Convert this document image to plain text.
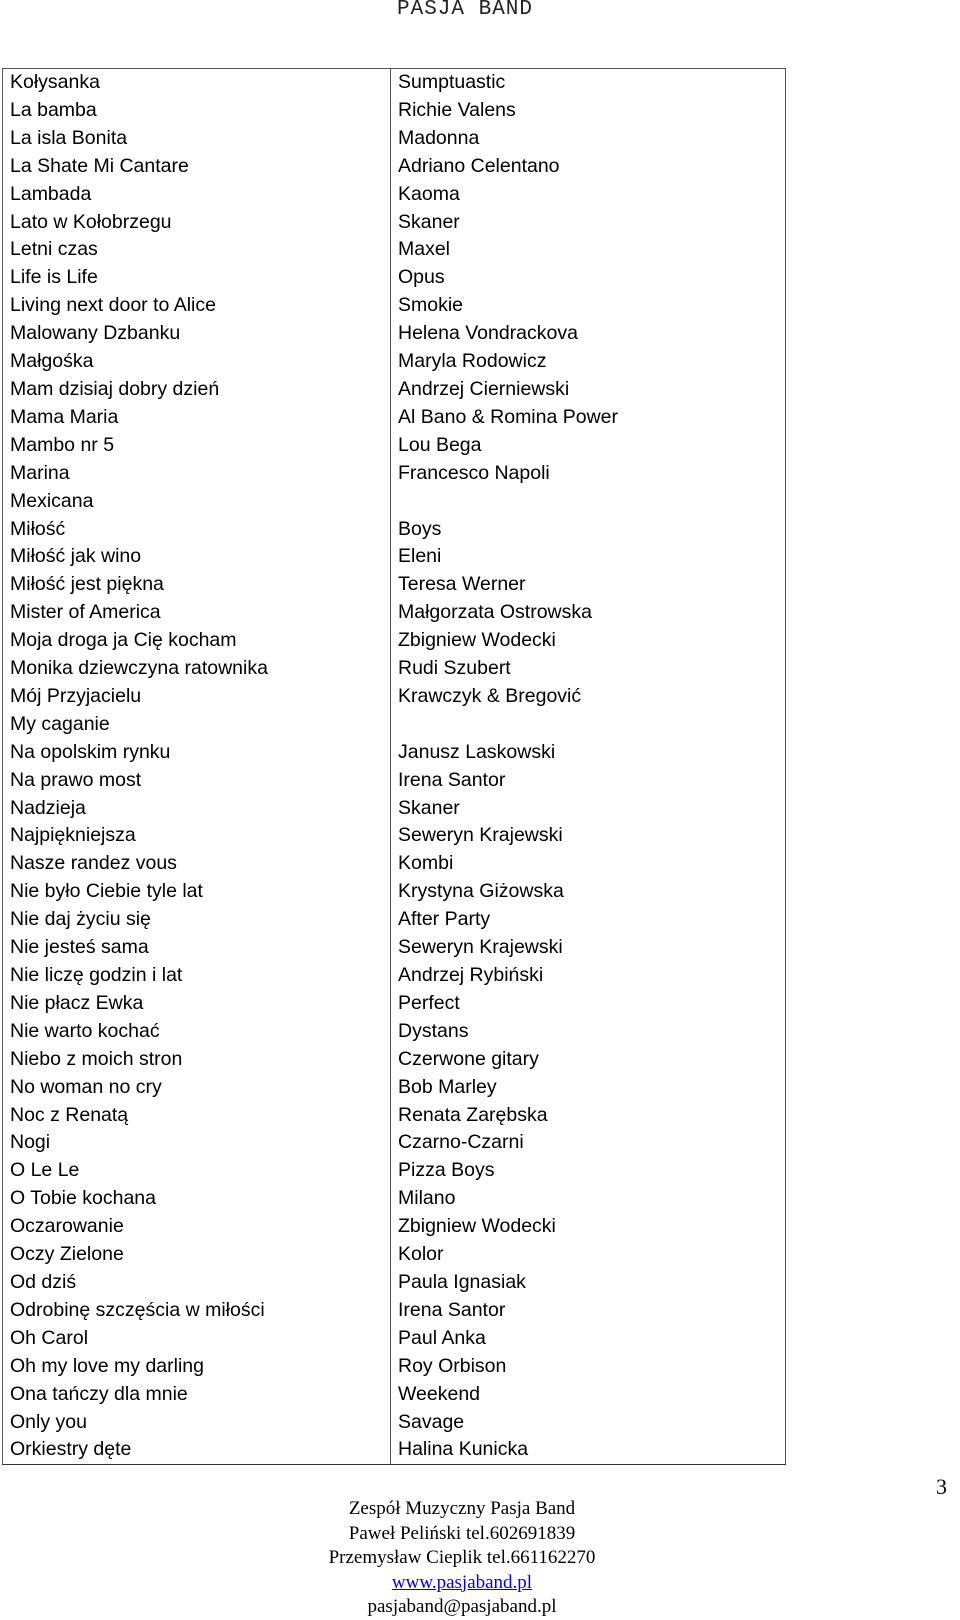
PASJA BAND
Kołysanka	Sumptuastic
La bamba	Richie Valens
La isla Bonita	Madonna
La Shate Mi Cantare	Adriano Celentano
Lambada	Kaoma
Lato w Kołobrzegu	Skaner
Letni czas	Maxel
Life is Life	Opus
Living next door to Alice	Smokie
Malowany Dzbanku	Helena Vondrackova
Małgośka	Maryla Rodowicz
Mam dzisiaj dobry dzień	Andrzej Cierniewski
Mama Maria	Al Bano & Romina Power
Mambo nr 5	Lou Bega
Marina	Francesco Napoli
Mexicana	
Miłość	Boys
Miłość jak wino	Eleni
Miłość jest piękna	Teresa Werner
Mister of America	Małgorzata Ostrowska
Moja droga ja Cię kocham	Zbigniew Wodecki
Monika dziewczyna ratownika	Rudi Szubert
Mój Przyjacielu	Krawczyk & Bregović
My caganie	
Na opolskim rynku	Janusz Laskowski
Na prawo most	Irena Santor
Nadzieja	Skaner
Najpiękniejsza	Seweryn Krajewski
Nasze randez vous	Kombi
Nie było Ciebie tyle lat	Krystyna Giżowska
Nie daj życiu się	After Party
Nie jesteś sama	Seweryn Krajewski
Nie liczę godzin i lat	Andrzej Rybiński
Nie płacz Ewka	Perfect
Nie warto kochać	Dystans
Niebo z moich stron	Czerwone gitary
No woman no cry	Bob Marley
Noc z Renatą	Renata Zarębska
Nogi	Czarno-Czarni
O Le Le	Pizza Boys
O Tobie kochana	Milano
Oczarowanie	Zbigniew Wodecki
Oczy Zielone	Kolor
Od dziś	Paula Ignasiak
Odrobinę szczęścia w miłości	Irena Santor
Oh Carol	Paul Anka
Oh my love my darling	Roy Orbison
Ona tańczy dla mnie	Weekend
Only you	Savage
Orkiestry dęte	Halina Kunicka
Zespół Muzyczny Pasja Band
Paweł Peliński tel.602691839
Przemysław Cieplik tel.661162270
www.pasjaband.pl
pasjaband@pasjaband.pl
3
